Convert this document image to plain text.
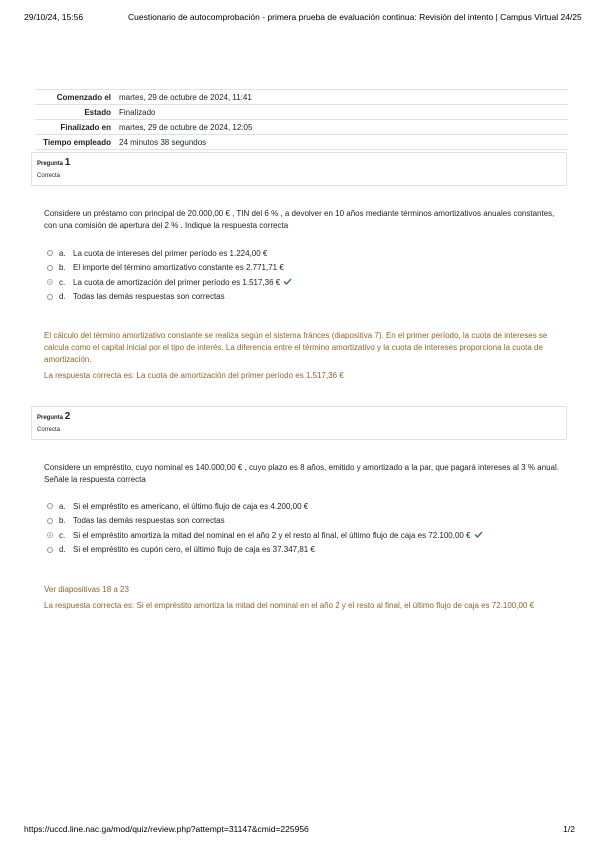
29/10/24, 15:56	Cuestionario de autocomprobación - primera prueba de evaluación continua: Revisión del intento | Campus Virtual 24/25
Comenzado el	martes, 29 de octubre de 2024, 11:41
Estado	Finalizado
Finalizado en	martes, 29 de octubre de 2024, 12:05
Tiempo empleado	24 minutos 38 segundos
Pregunta 1
Correcta
Considere un préstamo con principal de 20.000,00 € , TIN del 6 % , a devolver en 10 años mediante términos amortizativos anuales constantes, con una comisión de apertura del 2 % . Indique la respuesta correcta
a. La cuota de intereses del primer período es 1.224,00 €
b. El importe del término amortizativo constante es 2.771,71 €
c. La cuota de amortización del primer período es 1.517,36 €
d. Todas las demás respuestas son correctas
El cálculo del término amortizativo constante se realiza según el sistema fránces (diapositiva 7). En el primer período, la cuota de intereses se calcula como el capital inicial por el tipo de interés. La diferencia entre el término amortizativo y la cuota de intereses proporciona la cuota de amortización.
La respuesta correcta es: La cuota de amortización del primer período es 1.517,36 €
Pregunta 2
Correcta
Considere un empréstito, cuyo nominal es 140.000,00 € , cuyo plazo es 8 años, emitido y amortizado a la par, que pagará intereses al 3 % anual. Señale la respuesta correcta
a. Si el empréstito es americano, el último flujo de caja es 4.200,00 €
b. Todas las demás respuestas son correctas
c. Si el empréstito amortiza la mitad del nominal en el año 2 y el resto al final, el último flujo de caja es 72.100,00 €
d. Si el empréstito es cupón cero, el último flujo de caja es 37.347,81 €
Ver diapositivas 18 a 23
La respuesta correcta es: Si el empréstito amortiza la mitad del nominal en el año 2 y el resto al final, el último flujo de caja es 72.100,00 €
https://uccd.line.nac.ga/mod/quiz/review.php?attempt=31147&cmid=225956	1/2
